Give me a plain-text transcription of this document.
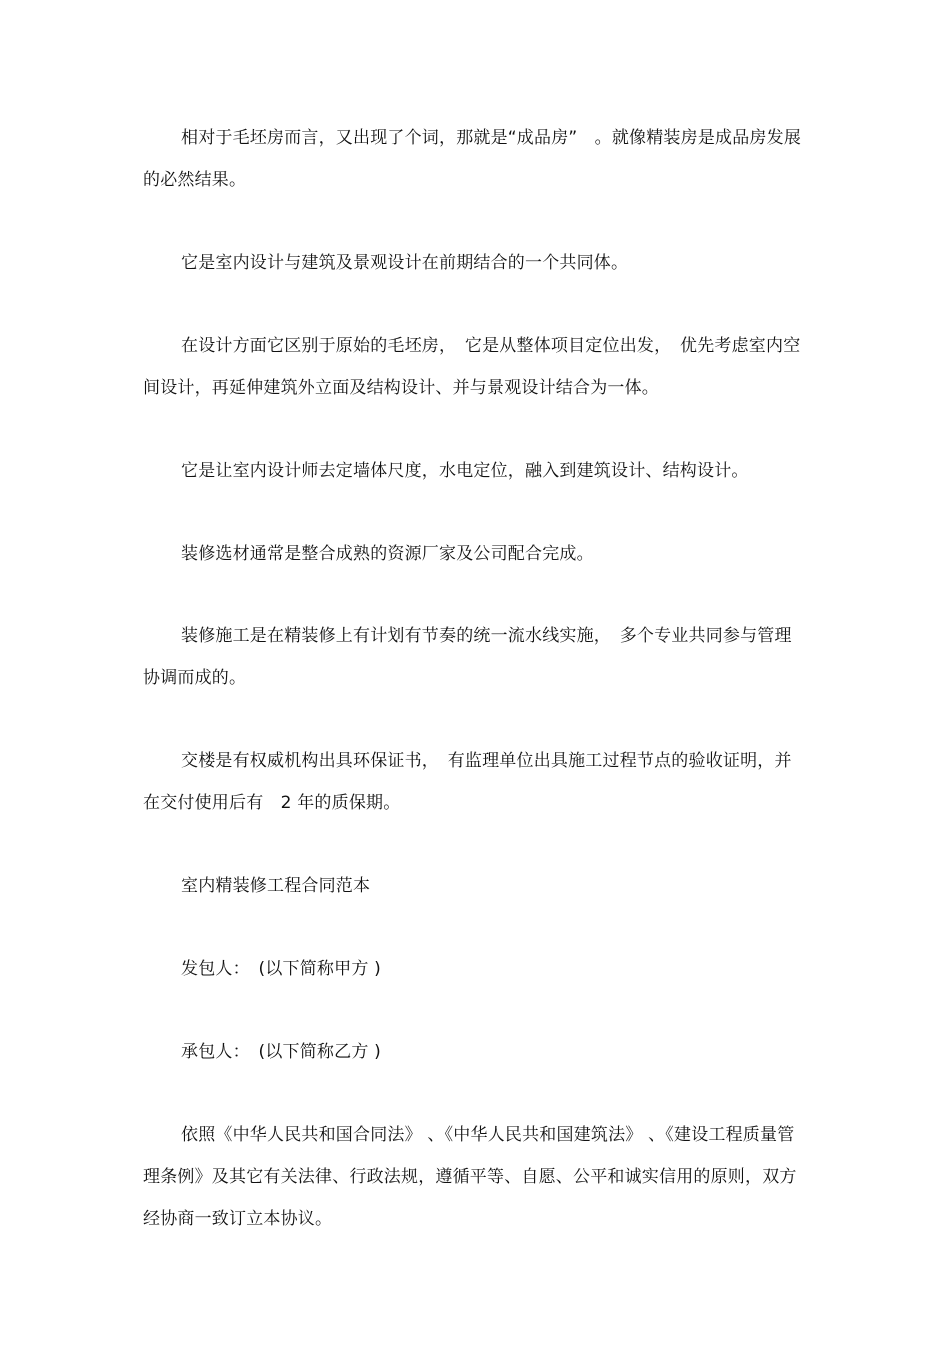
相对于毛坯房而言，又出现了个词，那就是“成品房”　。就像精装房是成品房发展的必然结果。

它是室内设计与建筑及景观设计在前期结合的一个共同体。

在设计方面它区别于原始的毛坯房，　它是从整体项目定位出发，　优先考虑室内空间设计，再延伸建筑外立面及结构设计、并与景观设计结合为一体。

它是让室内设计师去定墙体尺度，水电定位，融入到建筑设计、结构设计。

装修选材通常是整合成熟的资源厂家及公司配合完成。

装修施工是在精装修上有计划有节奏的统一流水线实施，　多个专业共同参与管理协调而成的。

交楼是有权威机构出具环保证书，　有监理单位出具施工过程节点的验收证明，并在交付使用后有　2 年的质保期。

室内精装修工程合同范本

发包人：　(以下简称甲方 )

承包人：　(以下简称乙方 )

依照《中华人民共和国合同法》 、《中华人民共和国建筑法》 、《建设工程质量管理条例》及其它有关法律、行政法规，遵循平等、自愿、公平和诚实信用的原则，双方经协商一致订立本协议。
